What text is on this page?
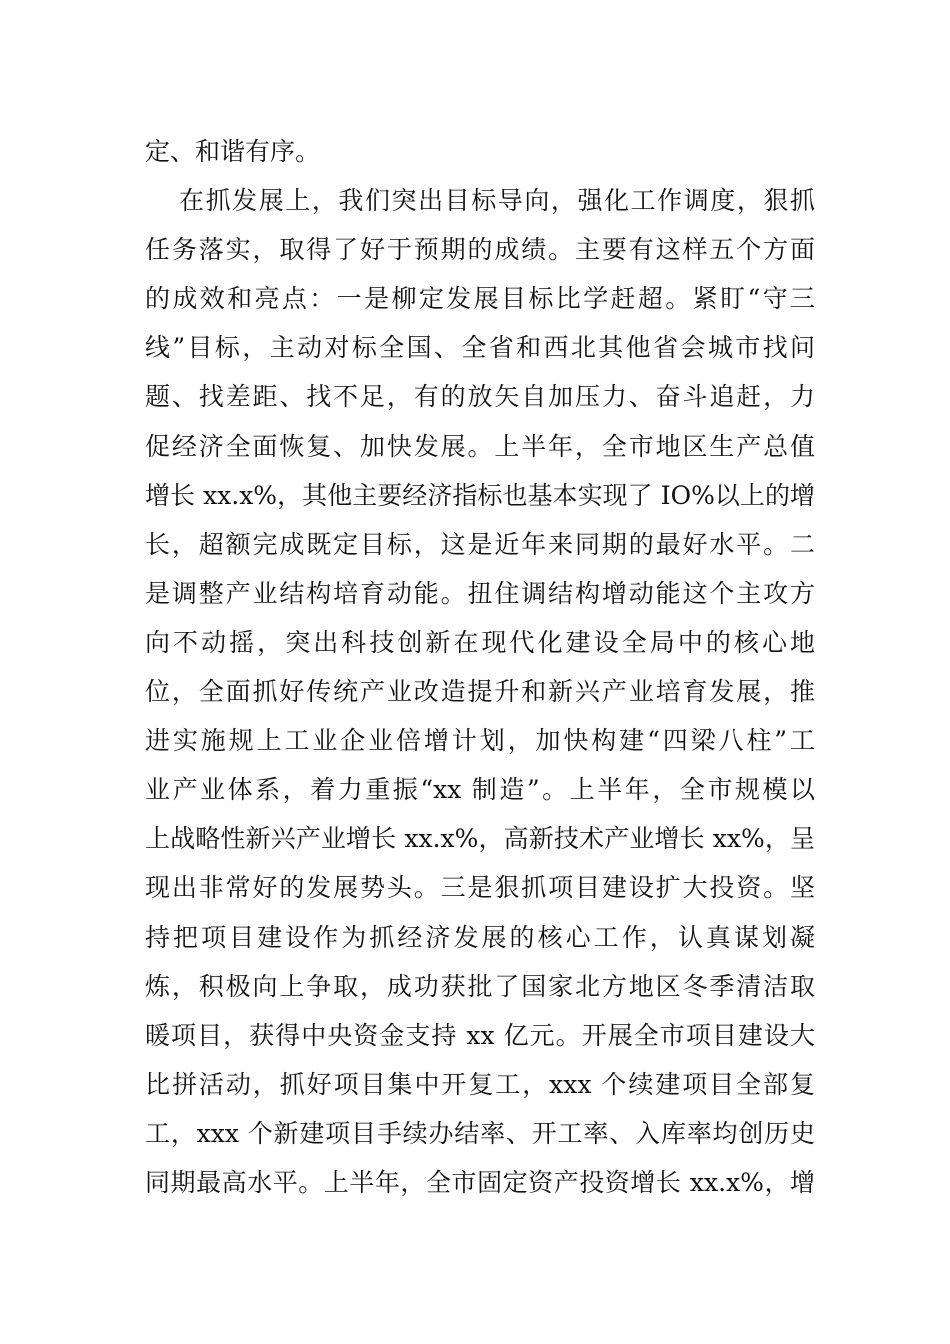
定、和谐有序。
在抓发展上，我们突出目标导向，强化工作调度，狠抓
任务落实，取得了好于预期的成绩。主要有这样五个方面
的成效和亮点：一是柳定发展目标比学赶超。紧盯“守三
线”目标，主动对标全国、全省和西北其他省会城市找问
题、找差距、找不足，有的放矢自加压力、奋斗追赶，力
促经济全面恢复、加快发展。上半年，全市地区生产总值
增长 xx.x%，其他主要经济指标也基本实现了 IO%以上的增
长，超额完成既定目标，这是近年来同期的最好水平。二
是调整产业结构培育动能。扭住调结构增动能这个主攻方
向不动摇，突出科技创新在现代化建设全局中的核心地
位，全面抓好传统产业改造提升和新兴产业培育发展，推
进实施规上工业企业倍增计划，加快构建“四梁八柱”工
业产业体系，着力重振“xx 制造”。上半年，全市规模以
上战略性新兴产业增长 xx.x%，高新技术产业增长 xx%，呈
现出非常好的发展势头。三是狠抓项目建设扩大投资。坚
持把项目建设作为抓经济发展的核心工作，认真谋划凝
炼，积极向上争取，成功获批了国家北方地区冬季清洁取
暖项目，获得中央资金支持 xx 亿元。开展全市项目建设大
比拼活动，抓好项目集中开复工，xxx 个续建项目全部复
工，xxx 个新建项目手续办结率、开工率、入库率均创历史
同期最高水平。上半年，全市固定资产投资增长 xx.x%，增
